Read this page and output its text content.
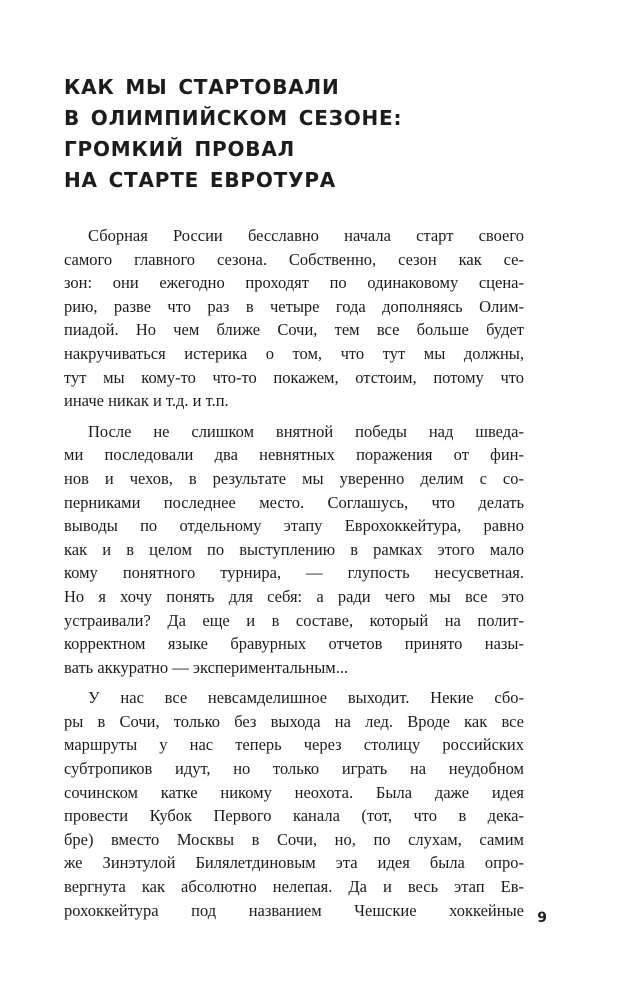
КАК МЫ СТАРТОВАЛИ
В ОЛИМПИЙСКОМ СЕЗОНЕ:
ГРОМКИЙ ПРОВАЛ
НА СТАРТЕ ЕВРОТУРА

Сборная России бесславно начала старт своего
самого главного сезона. Собственно, сезон как се-
зон: они ежегодно проходят по одинаковому сцена-
рию, разве что раз в четыре года дополняясь Олим-
пиадой. Но чем ближе Сочи, тем все больше будет
накручиваться истерика о том, что тут мы должны,
тут мы кому-то что-то покажем, отстоим, потому что
иначе никак и т.д. и т.п.

После не слишком внятной победы над шведа-
ми последовали два невнятных поражения от фин-
нов и чехов, в результате мы уверенно делим с со-
перниками последнее место. Соглашусь, что делать
выводы по отдельному этапу Еврохоккейтура, равно
как и в целом по выступлению в рамках этого мало
кому понятного турнира, — глупость несусветная.
Но я хочу понять для себя: а ради чего мы все это
устраивали? Да еще и в составе, который на полит-
корректном языке бравурных отчетов принято назы-
вать аккуратно — экспериментальным...

У нас все невсамделишное выходит. Некие сбо-
ры в Сочи, только без выхода на лед. Вроде как все
маршруты у нас теперь через столицу российских
субтропиков идут, но только играть на неудобном
сочинском катке никому неохота. Была даже идея
провести Кубок Первого канала (тот, что в дека-
бре) вместо Москвы в Сочи, но, по слухам, самим
же Зинэтулой Билялетдиновым эта идея была опро-
вергнута как абсолютно нелепая. Да и весь этап Ев-
рохоккейтура под названием Чешские хоккейные 9
